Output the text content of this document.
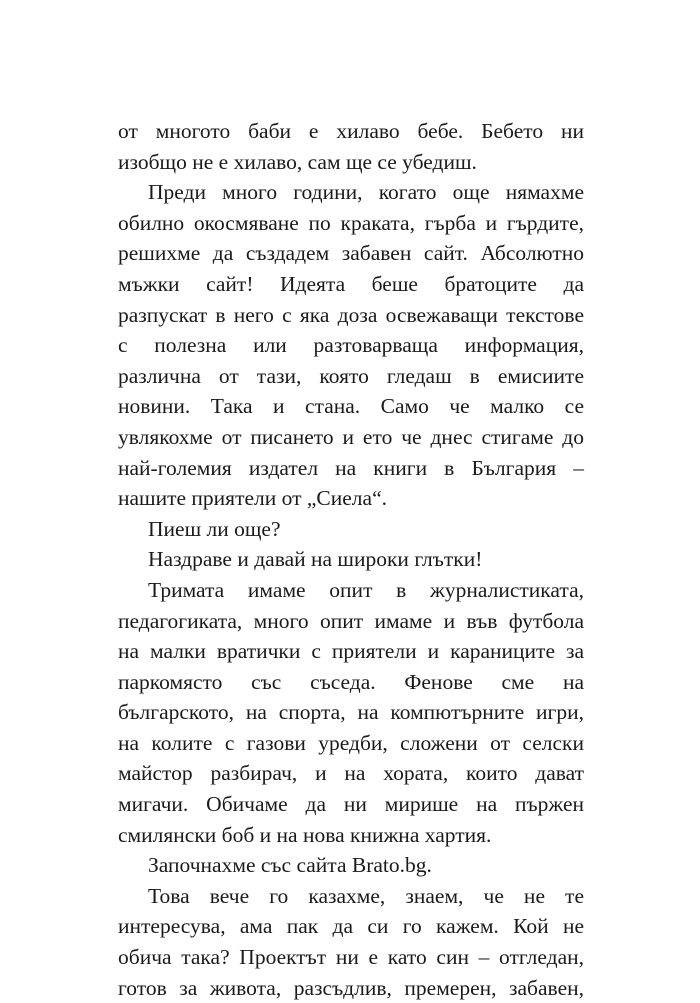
от многото баби е хилаво бебе. Бебето ни
изобщо не е хилаво, сам ще се убедиш.
Преди много години, когато още нямахме
обилно окосмяване по краката, гърба и гърдите,
решихме да създадем забавен сайт. Абсолютно
мъжки сайт! Идеята беше братоците да
разпускат в него с яка доза освежаващи текстове
с полезна или разтоварваща информация,
различна от тази, която гледаш в емисиите
новини. Така и стана. Само че малко се
увлякохме от писането и ето че днес стигаме до
най-големия издател на книги в България –
нашите приятели от „Сиела“.
Пиеш ли още?
Наздраве и давай на широки глътки!
Тримата имаме опит в журналистиката,
педагогиката, много опит имаме и във футбола
на малки вратички с приятели и караниците за
паркомясто със съседа. Фенове сме на
българското, на спорта, на компютърните игри,
на колите с газови уредби, сложени от селски
майстор разбирач, и на хората, които дават
мигачи. Обичаме да ни мирише на пържен
смилянски боб и на нова книжна хартия.
Започнахме със сайта Brato.bg.
Това вече го казахме, знаем, че не те
интересува, ама пак да си го кажем. Кой не
обича така? Проектът ни е като син – отгледан,
готов за живота, разсъдлив, премерен, забавен,
